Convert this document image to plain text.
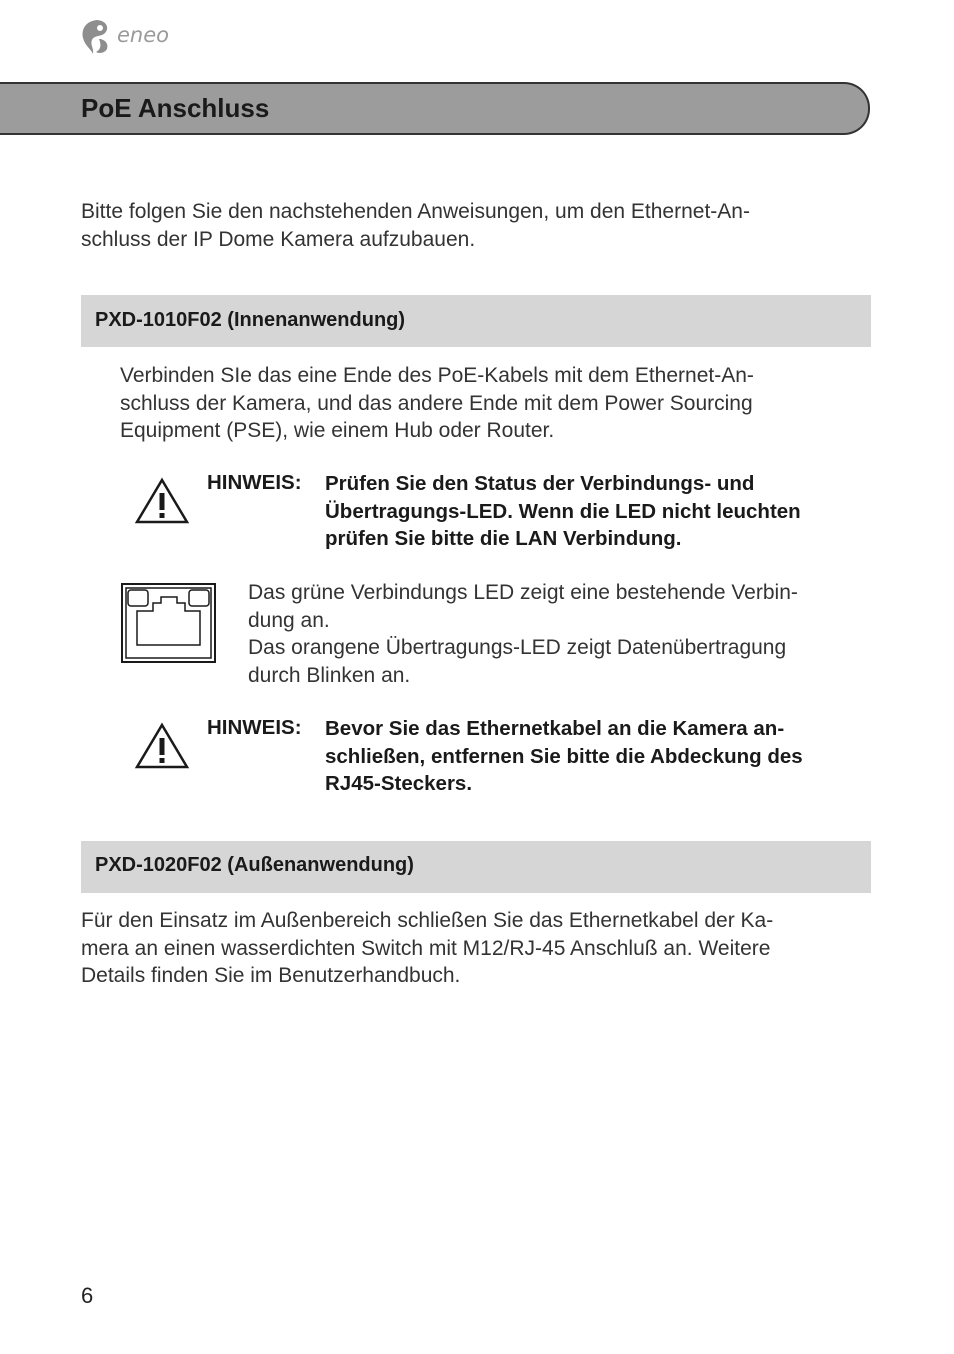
eneo
PoE Anschluss

Bitte folgen Sie den nachstehenden Anweisungen, um den Ethernet-An-

schluss der IP Dome Kamera aufzubauen.

PXD-1010F02 (Innenanwendung)

Verbinden SIe das eine Ende des PoE-Kabels mit dem Ethernet-An-

schluss der Kamera, und das andere Ende mit dem Power Sourcing

Equipment (PSE), wie einem Hub oder Router.

HINWEIS: Prüfen Sie den Status der Verbindungs- und

Übertragungs-LED. Wenn die LED nicht leuchten

prüfen Sie bitte die LAN Verbindung.

Das grüne Verbindungs LED zeigt eine bestehende Verbin-

dung an.

Das orangene Übertragungs-LED zeigt Datenübertragung

durch Blinken an.

HINWEIS: Bevor Sie das Ethernetkabel an die Kamera an-

schließen, entfernen Sie bitte die Abdeckung des

RJ45-Steckers.

PXD-1020F02 (Außenanwendung)

Für den Einsatz im Außenbereich schließen Sie das Ethernetkabel der Ka-

mera an einen wasserdichten Switch mit M12/RJ-45 Anschluß an. Weitere

Details finden Sie im Benutzerhandbuch.

6
